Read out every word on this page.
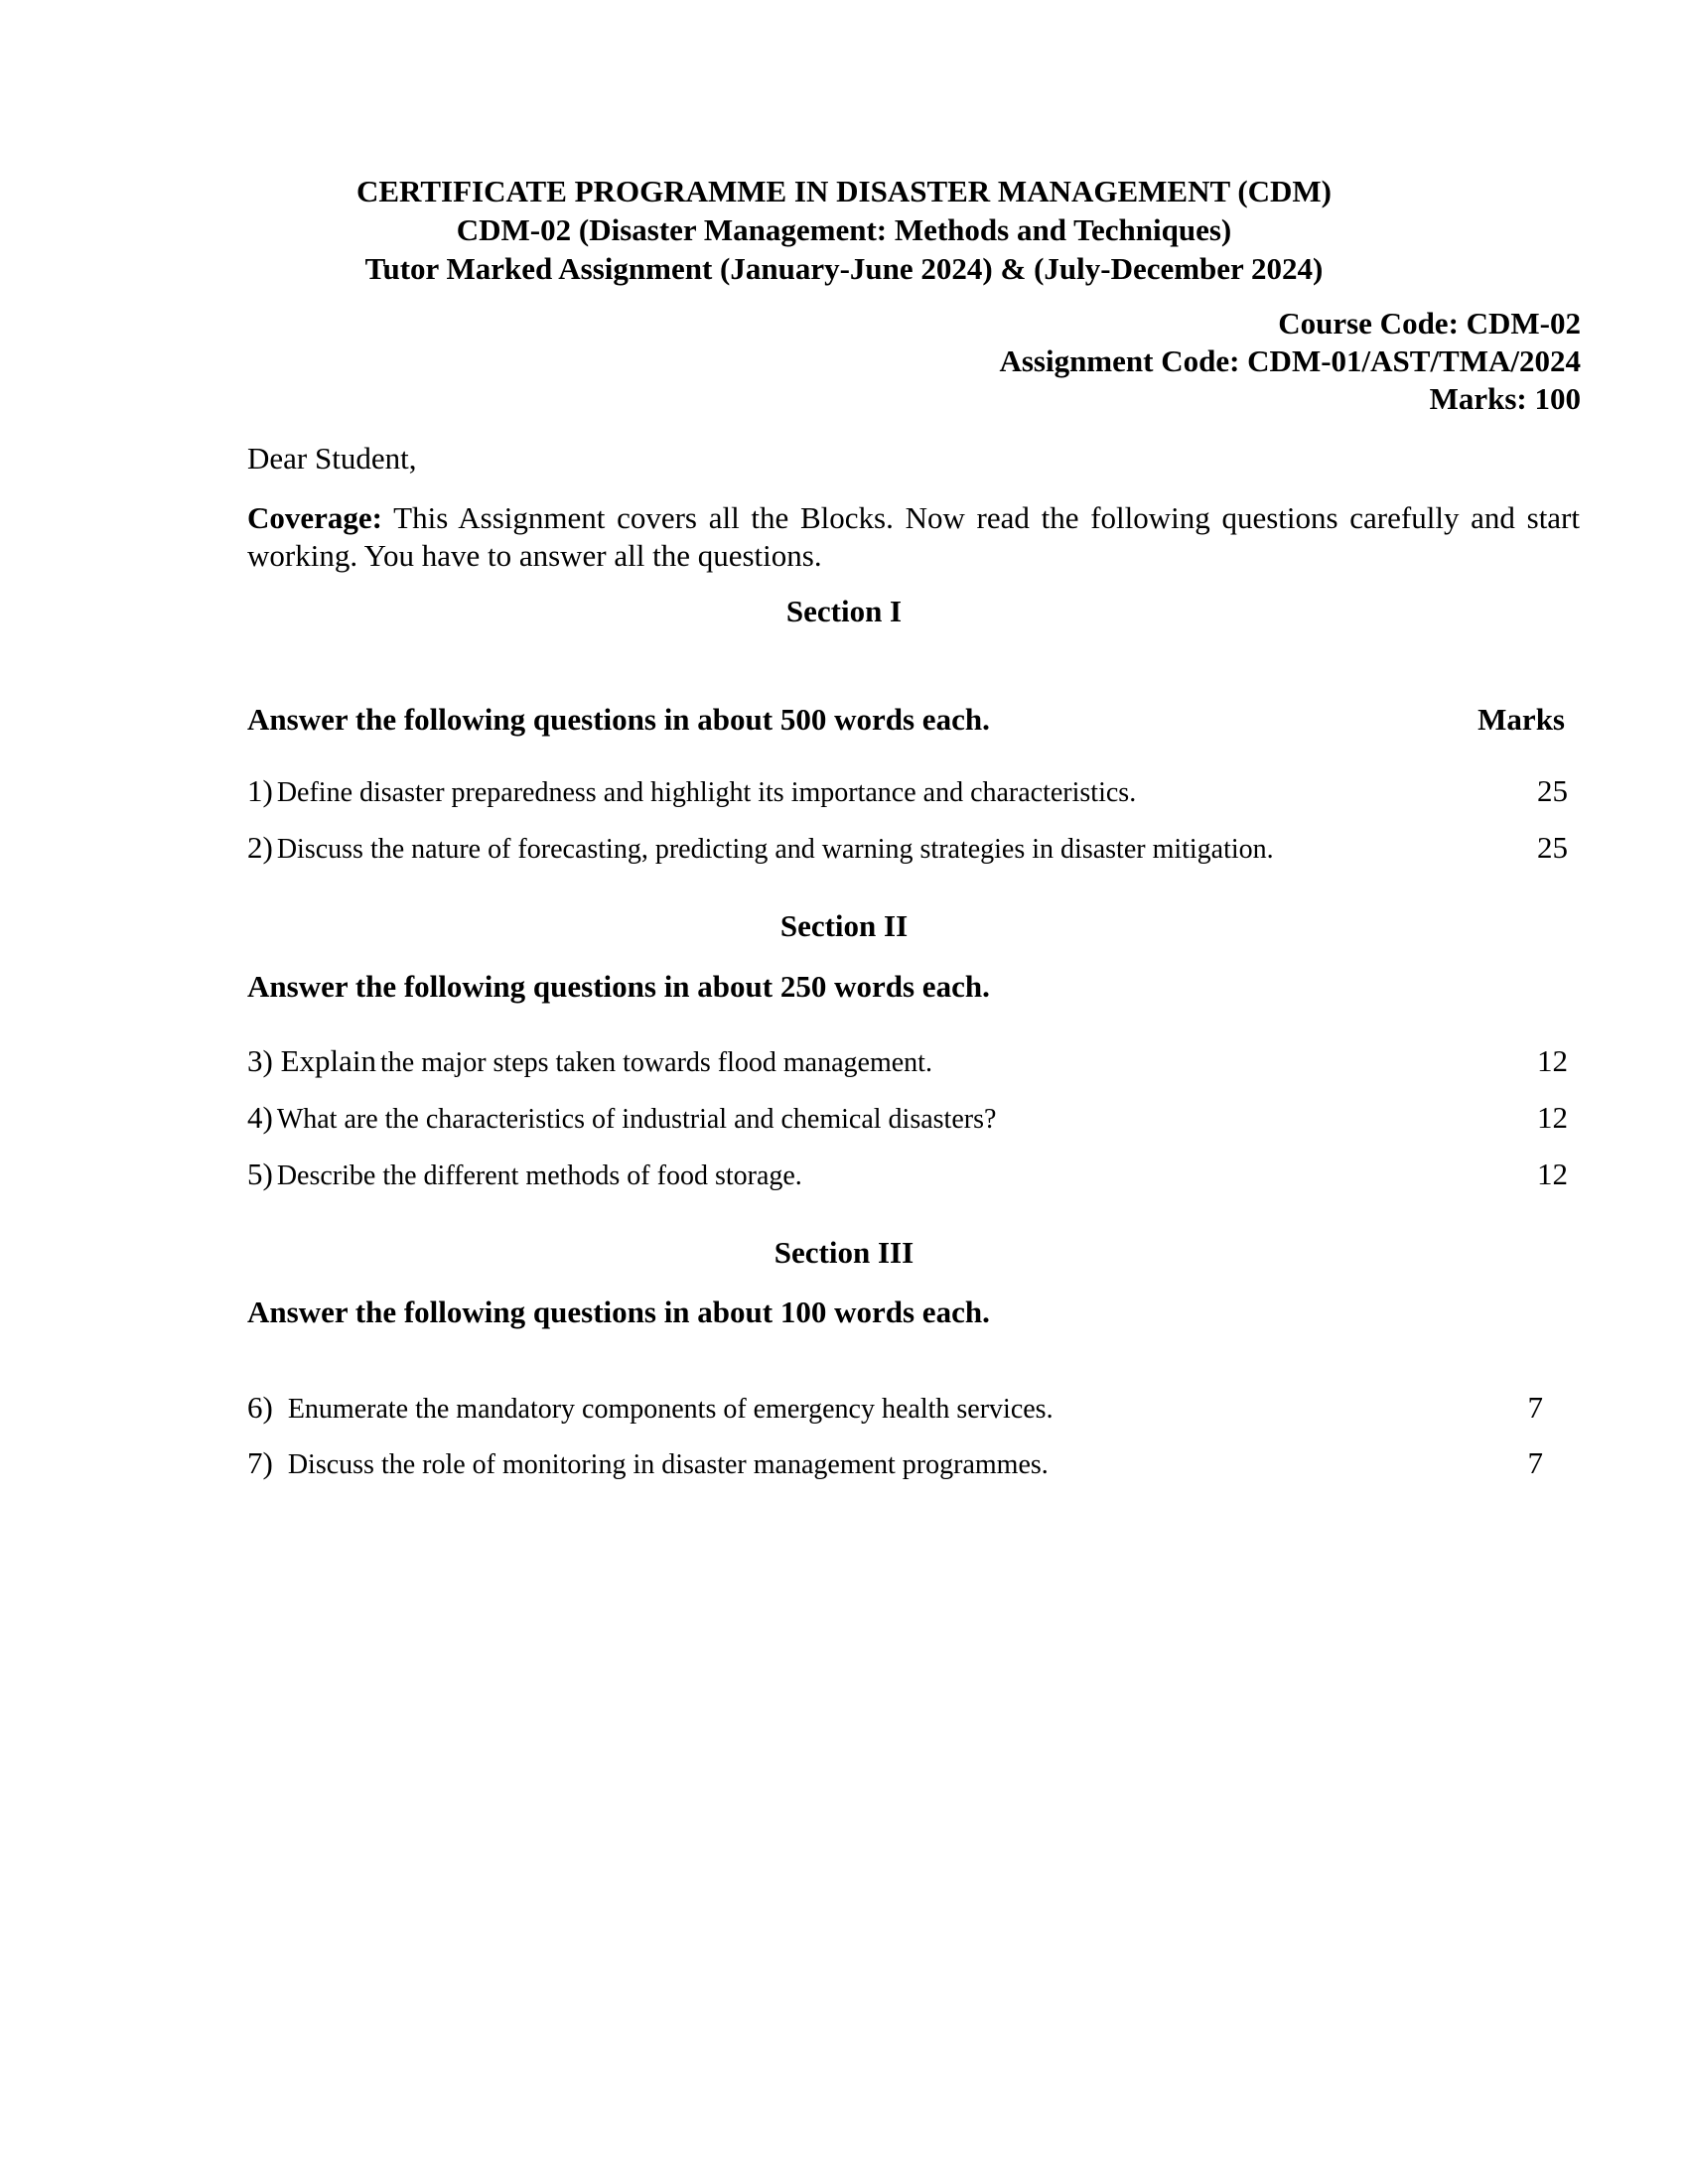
CERTIFICATE PROGRAMME IN DISASTER MANAGEMENT (CDM)
CDM-02 (Disaster Management: Methods and Techniques)
Tutor Marked Assignment (January-June 2024) & (July-December 2024)
Course Code: CDM-02
Assignment Code: CDM-01/AST/TMA/2024
Marks: 100
Dear Student,
Coverage: This Assignment covers all the Blocks. Now read the following questions carefully and start working. You have to answer all the questions.
Section I
Answer the following questions in about 500 words each.	Marks
1) Define disaster preparedness and highlight its importance and characteristics.	25
2) Discuss the nature of forecasting, predicting and warning strategies in disaster mitigation.	25
Section II
Answer the following questions in about 250 words each.
3) Explain the major steps taken towards flood management.	12
4) What are the characteristics of industrial and chemical disasters?	12
5) Describe the different methods of food storage.	12
Section III
Answer the following questions in about 100 words each.
6) Enumerate the mandatory components of emergency health services.	7
7) Discuss the role of monitoring in disaster management programmes.	7
